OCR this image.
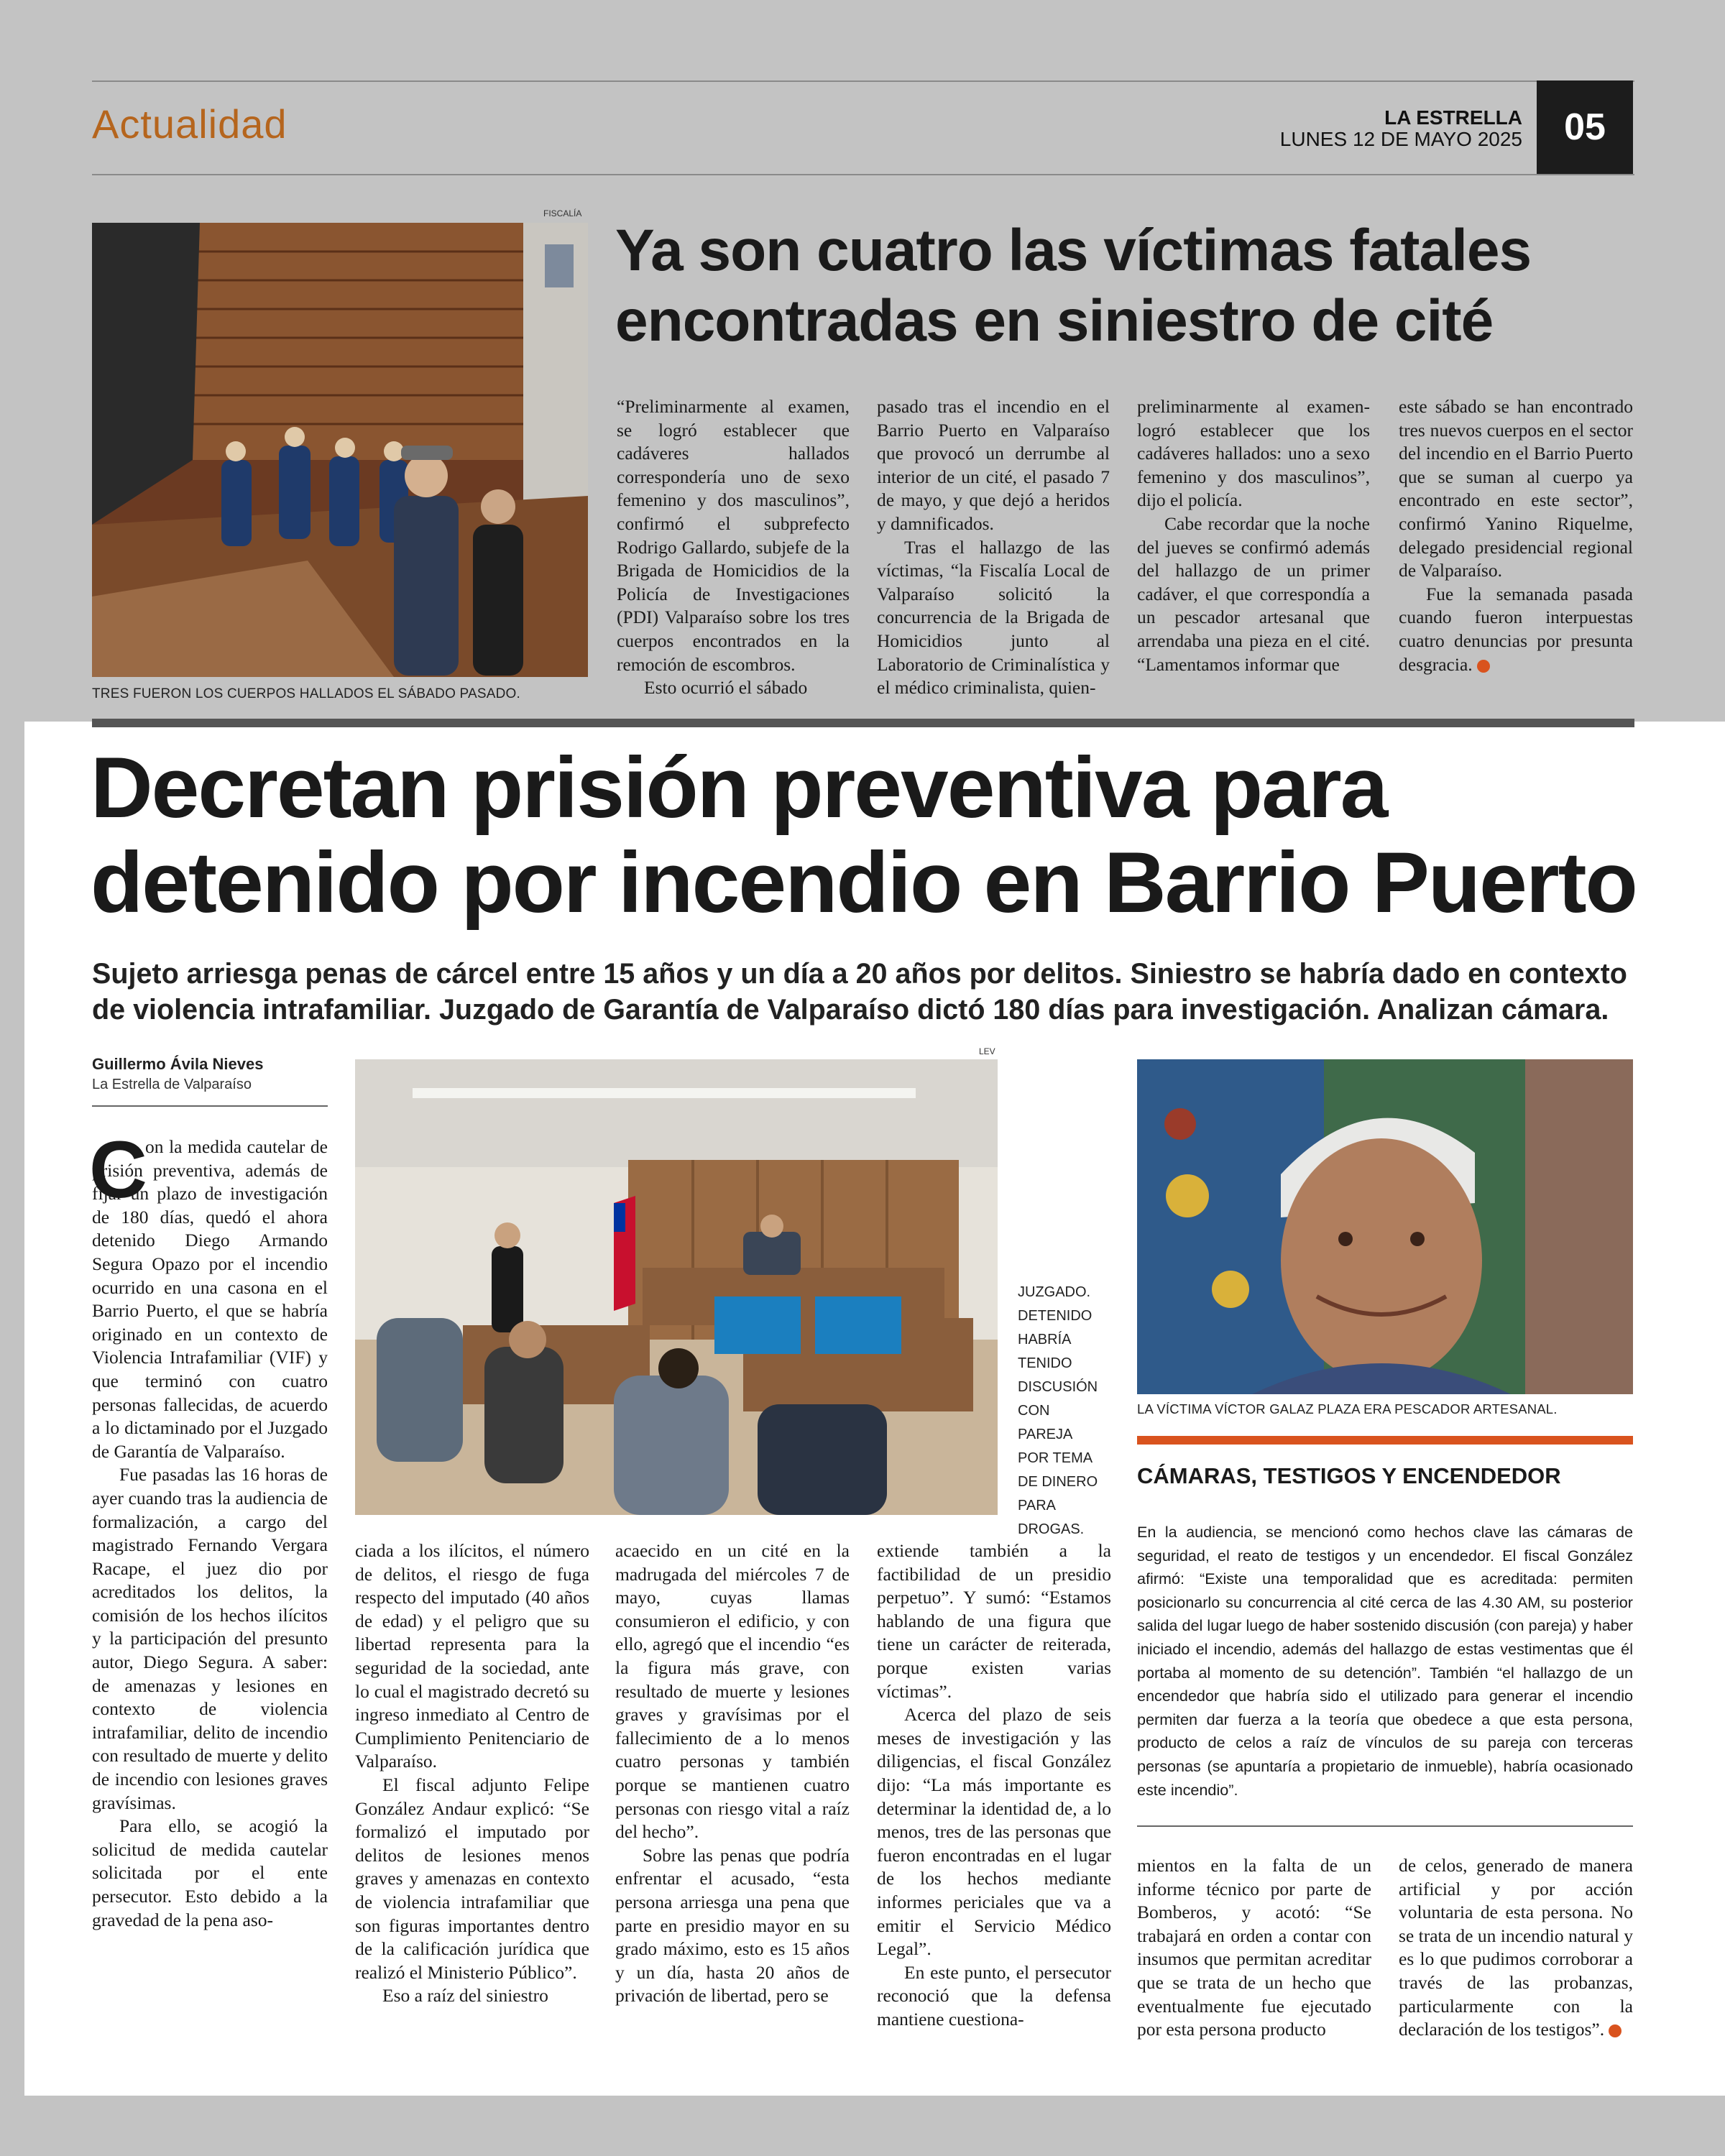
Actualidad	LA ESTRELLA
LUNES 12 DE MAYO 2025 05
FISCALÍA
TRES FUERON LOS CUERPOS HALLADOS EL SÁBADO PASADO.
Ya son cuatro las víctimas fatales
encontradas en siniestro de cité

“Preliminarmente al examen, se logró establecer que cadáveres hallados correspondería uno de sexo femenino y dos masculinos”, confirmó el subprefecto Rodrigo Gallardo, subjefe de la Brigada de Homicidios de la Policía de Investigaciones (PDI) Valparaíso sobre los tres cuerpos encontrados en la remoción de escombros.

Esto ocurrió el sábado

pasado tras el incendio en el Barrio Puerto en Valparaíso que provocó un derrumbe al interior de un cité, el pasado 7 de mayo, y que dejó a heridos y damnificados.

Tras el hallazgo de las víctimas, “la Fiscalía Local de Valparaíso solicitó la concurrencia de la Brigada de Homicidios junto al Laboratorio de Criminalística y el médico criminalista, quien-

preliminarmente al examen- logró establecer que los cadáveres hallados: uno a sexo femenino y dos masculinos”, dijo el policía.

Cabe recordar que la noche del jueves se confirmó además del hallazgo de un primer cadáver, el que correspondía a un pescador artesanal que arrendaba una pieza en el cité. “Lamentamos informar que

este sábado se han encontrado tres nuevos cuerpos en el sector del incendio en el Barrio Puerto que se suman al cuerpo ya encontrado en este sector”, confirmó Yanino Riquelme, delegado presidencial regional de Valparaíso.

Fue la semanada pasada cuando fueron interpuestas cuatro denuncias por presunta desgracia.

Decretan prisión preventiva para
detenido por incendio en Barrio Puerto
Sujeto arriesga penas de cárcel entre 15 años y un día a 20 años por delitos. Siniestro se habría dado en contexto
de violencia intrafamiliar. Juzgado de Garantía de Valparaíso dictó 180 días para investigación. Analizan cámara.
Guillermo Ávila Nieves
La Estrella de Valparaíso
LEV
JUZGADO. DETENIDO HABRÍA TENIDO DISCUSIÓN CON PAREJA POR TEMA DE DINERO PARA DROGAS.
LA VÍCTIMA VÍCTOR GALAZ PLAZA ERA PESCADOR ARTESANAL.
C

on la medida cautelar de prisión preventiva, además de fijar un plazo de investigación de 180 días, quedó el ahora detenido Diego Armando Segura Opazo por el incendio ocurrido en una casona en el Barrio Puerto, el que se habría originado en un contexto de Violencia Intrafamiliar (VIF) y que terminó con cuatro personas fallecidas, de acuerdo a lo dictaminado por el Juzgado de Garantía de Valparaíso.

Fue pasadas las 16 horas de ayer cuando tras la audiencia de formalización, a cargo del magistrado Fernando Vergara Racape, el juez dio por acreditados los delitos, la comisión de los hechos ilícitos y la participación del presunto autor, Diego Segura. A saber: de amenazas y lesiones en contexto de violencia intrafamiliar, delito de incendio con resultado de muerte y delito de incendio con lesiones graves gravísimas.

Para ello, se acogió la solicitud de medida cautelar solicitada por el ente persecutor. Esto debido a la gravedad de la pena aso-

ciada a los ilícitos, el número de delitos, el riesgo de fuga respecto del imputado (40 años de edad) y el peligro que su libertad representa para la seguridad de la sociedad, ante lo cual el magistrado decretó su ingreso inmediato al Centro de Cumplimiento Penitenciario de Valparaíso.

El fiscal adjunto Felipe González Andaur explicó: “Se formalizó el imputado por delitos de lesiones menos graves y amenazas en contexto de violencia intrafamiliar que son figuras importantes dentro de la calificación jurídica que realizó el Ministerio Público”.

Eso a raíz del siniestro

acaecido en un cité en la madrugada del miércoles 7 de mayo, cuyas llamas consumieron el edificio, y con ello, agregó que el incendio “es la figura más grave, con resultado de muerte y lesiones graves y gravísimas por el fallecimiento de a lo menos cuatro personas y también porque se mantienen cuatro personas con riesgo vital a raíz del hecho”.

Sobre las penas que podría enfrentar el acusado, “esta persona arriesga una pena que parte en presidio mayor en su grado máximo, esto es 15 años y un día, hasta 20 años de privación de libertad, pero se

extiende también a la factibilidad de un presidio perpetuo”. Y sumó: “Estamos hablando de una figura que tiene un carácter de reiterada, porque existen varias víctimas”.

Acerca del plazo de seis meses de investigación y las diligencias, el fiscal González dijo: “La más importante es determinar la identidad de, a lo menos, tres de las personas que fueron encontradas en el lugar de los hechos mediante informes periciales que va a emitir el Servicio Médico Legal”.

En este punto, el persecutor reconoció que la defensa mantiene cuestiona-

CÁMARAS, TESTIGOS Y ENCENDEDOR
En la audiencia, se mencionó como hechos clave las cámaras de seguridad, el reato de testigos y un encendedor. El fiscal González afirmó: “Existe una temporalidad que es acreditada: permiten posicionarlo su concurrencia al cité cerca de las 4.30 AM, su posterior salida del lugar luego de haber sostenido discusión (con pareja) y haber iniciado el incendio, además del hallazgo de estas vestimentas que él portaba al momento de su detención”. También “el hallazgo de un encendedor que habría sido el utilizado para generar el incendio permiten dar fuerza a la teoría que obedece a que esta persona, producto de celos a raíz de vínculos de su pareja con terceras personas (se apuntaría a propietario de inmueble), habría ocasionado este incendio”.

mientos en la falta de un informe técnico por parte de Bomberos, y acotó: “Se trabajará en orden a contar con insumos que permitan acreditar que se trata de un hecho que eventualmente fue ejecutado por esta persona producto

de celos, generado de manera artificial y por acción voluntaria de esta persona. No se trata de un incendio natural y es lo que pudimos corroborar a través de las probanzas, particularmente con la declaración de los testigos”.
